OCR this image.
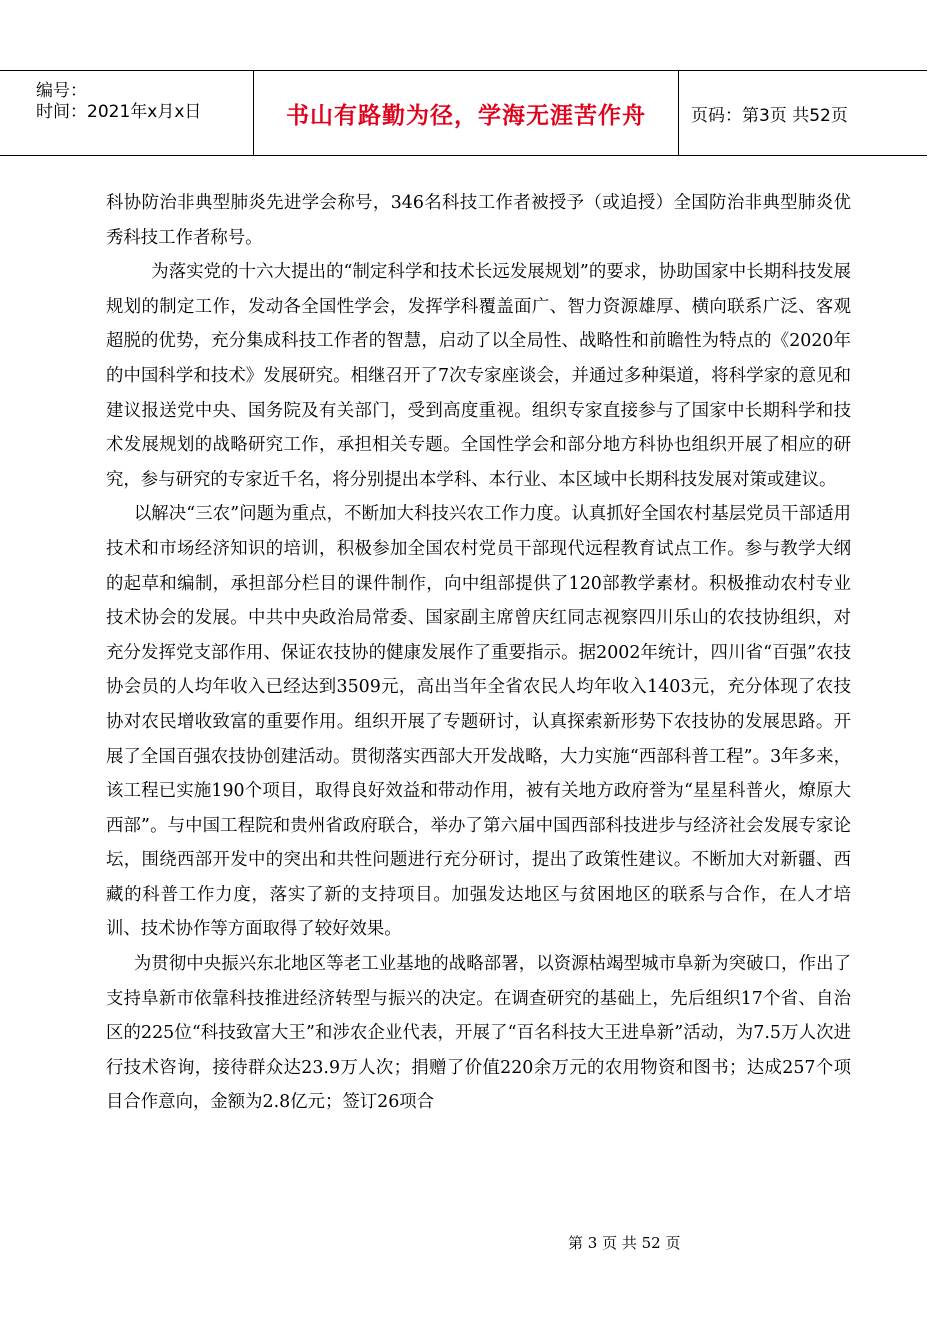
编号：
时间：2021年x月x日	书山有路勤为径，学海无涯苦作舟	页码：第3页 共52页

科协防治非典型肺炎先进学会称号，346名科技工作者被授予（或追授）全国防治非典型肺炎优秀科技工作者称号。

为落实党的十六大提出的“制定科学和技术长远发展规划”的要求，协助国家中长期科技发展规划的制定工作，发动各全国性学会，发挥学科覆盖面广、智力资源雄厚、横向联系广泛、客观超脱的优势，充分集成科技工作者的智慧，启动了以全局性、战略性和前瞻性为特点的《2020年的中国科学和技术》发展研究。相继召开了7次专家座谈会，并通过多种渠道，将科学家的意见和建议报送党中央、国务院及有关部门，受到高度重视。组织专家直接参与了国家中长期科学和技术发展规划的战略研究工作，承担相关专题。全国性学会和部分地方科协也组织开展了相应的研究，参与研究的专家近千名，将分别提出本学科、本行业、本区域中长期科技发展对策或建议。

以解决“三农”问题为重点，不断加大科技兴农工作力度。认真抓好全国农村基层党员干部适用技术和市场经济知识的培训，积极参加全国农村党员干部现代远程教育试点工作。参与教学大纲的起草和编制，承担部分栏目的课件制作，向中组部提供了120部教学素材。积极推动农村专业技术协会的发展。中共中央政治局常委、国家副主席曾庆红同志视察四川乐山的农技协组织，对充分发挥党支部作用、保证农技协的健康发展作了重要指示。据2002年统计，四川省“百强”农技协会员的人均年收入已经达到3509元，高出当年全省农民人均年收入1403元，充分体现了农技协对农民增收致富的重要作用。组织开展了专题研讨，认真探索新形势下农技协的发展思路。开展了全国百强农技协创建活动。贯彻落实西部大开发战略，大力实施“西部科普工程”。3年多来，该工程已实施190个项目，取得良好效益和带动作用，被有关地方政府誉为“星星科普火，燎原大西部”。与中国工程院和贵州省政府联合，举办了第六届中国西部科技进步与经济社会发展专家论坛，围绕西部开发中的突出和共性问题进行充分研讨，提出了政策性建议。不断加大对新疆、西藏的科普工作力度，落实了新的支持项目。加强发达地区与贫困地区的联系与合作，在人才培训、技术协作等方面取得了较好效果。

为贯彻中央振兴东北地区等老工业基地的战略部署，以资源枯竭型城市阜新为突破口，作出了支持阜新市依靠科技推进经济转型与振兴的决定。在调查研究的基础上，先后组织17个省、自治区的225位“科技致富大王”和涉农企业代表，开展了“百名科技大王进阜新”活动，为7.5万人次进行技术咨询，接待群众达23.9万人次；捐赠了价值220余万元的农用物资和图书；达成257个项目合作意向，金额为2.8亿元；签订26项合

第 3 页 共 52 页
